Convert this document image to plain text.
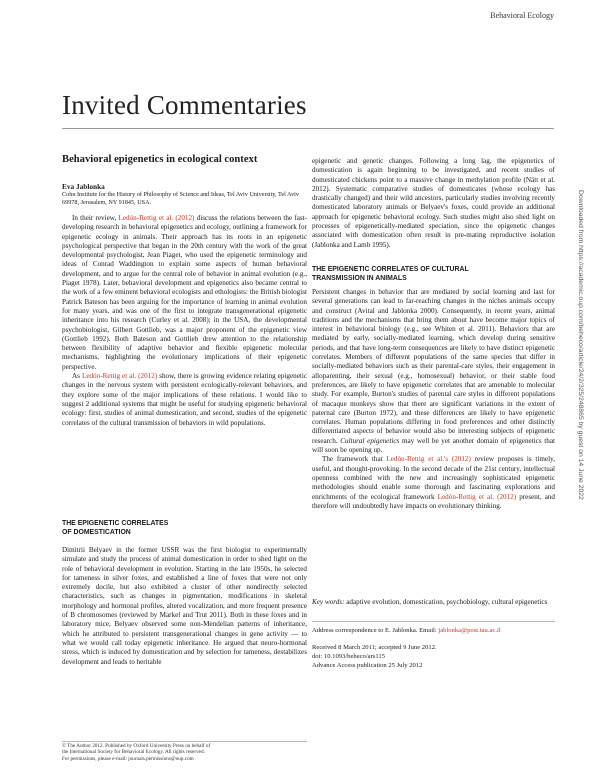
Behavioral Ecology
Invited Commentaries
Behavioral epigenetics in ecological context
Eva Jablonka
Cohn Institute for the History of Philosophy of Science and Ideas, Tel Aviv University, Tel Aviv 69978, Jerusalem, NY 91845, USA.

In their review, Ledón-Rettig et al. (2012) discuss the relations between the fast-developing research in behavioral epigenetics and ecology, outlining a framework for epigenetic ecology in animals. Their approach has its roots in an epigenetic psychological perspective that began in the 20th century with the work of the great developmental psychologist, Jean Piaget, who used the epigenetic terminology and ideas of Conrad Waddington to explain some aspects of human behavioral development, and to argue for the central role of behavior in animal evolution (e.g., Piaget 1978). Later, behavioral development and epigenetics also became central to the work of a few eminent behavioral ecologists and ethologists: the British biologist Patrick Bateson has been arguing for the importance of learning in animal evolution for many years, and was one of the first to integrate transgenerational epigenetic inheritance into his research (Curley et al. 2008); in the USA, the developmental psychobiologist, Gilbert Gottlieb, was a major proponent of the epigenetic view (Gottlieb 1992). Both Bateson and Gottlieb drew attention to the relationship between flexibility of adaptive behavior and flexible epigenetic molecular mechanisms, highlighting the evolutionary implications of their epigenetic perspective.

As Ledón-Rettig et al. (2012) show, there is growing evidence relating epigenetic changes in the nervous system with persistent ecologically-relevant behaviors, and they explore some of the major implications of these relations. I would like to suggest 2 additional systems that might be useful for studying epigenetic behavioral ecology: first, studies of animal domestication, and second, studies of the epigenetic correlates of the cultural transmission of behaviors in wild populations.

THE EPIGENETIC CORRELATES
OF DOMESTICATION

Dimitrii Belyaev in the former USSR was the first biologist to experimentally simulate and study the process of animal domestication in order to shed light on the role of behavioral development in evolution. Starting in the late 1950s, he selected for tameness in silver foxes, and established a line of foxes that were not only extremely docile, but also exhibited a cluster of other nondirectly selected characteristics, such as changes in pigmentation, modifications in skeletal morphology and hormonal profiles, altered vocalization, and more frequent presence of B chromosomes (reviewed by Markel and Trut 2011). Both in these foxes and in laboratory mice, Belyaev observed some non-Mendelian patterns of inheritance, which he attributed to persistent transgenerational changes in gene activity — to what we would call today epigenetic inheritance. He argued that neuro-hormonal stress, which is induced by domestication and by selection for tameness, destabilizes development and leads to heritable

epigenetic and genetic changes. Following a long lag, the epigenetics of domestication is again beginning to be investigated, and recent studies of domesticated chickens point to a massive change in methylation profile (Nätt et al. 2012). Systematic comparative studies of domesticates (whose ecology has drastically changed) and their wild ancestors, particularly studies involving recently domesticated laboratory animals or Belyaev's foxes, could provide an additional approach for epigenetic behavioral ecology. Such studies might also shed light on processes of epigenetically-mediated speciation, since the epigenetic changes associated with domestication often result in pre-mating reproductive isolation (Jablonka and Lamb 1995).

THE EPIGENETIC CORRELATES OF CULTURAL
TRANSMISSION IN ANIMALS

Persistent changes in behavior that are mediated by social learning and last for several generations can lead to far-reaching changes in the niches animals occupy and construct (Avital and Jablonka 2000). Consequently, in recent years, animal traditions and the mechanisms that bring them about have become major topics of interest in behavioral biology (e.g., see Whiten et al. 2011). Behaviors that are mediated by early, socially-mediated learning, which develop during sensitive periods, and that have long-term consequences are likely to have distinct epigenetic correlates. Members of different populations of the same species that differ in socially-mediated behaviors such as their parental-care styles, their engagement in alloparenting, their sexual (e.g., homosexual) behavior, or their stable food preferences, are likely to have epigenetic correlates that are amenable to molecular study. For example, Burton's studies of parental care styles in different populations of macaque monkeys show that there are significant variations in the extent of paternal care (Burton 1972), and these differences are likely to have epigenetic correlates. Human populations differing in food preferences and other distinctly differentiated aspects of behavior would also be interesting subjects of epigenetic research. Cultural epigenetics may well be yet another domain of epigenetics that will soon be opening up.

The framework that Ledón-Rettig et al.'s (2012) review proposes is timely, useful, and thought-provoking. In the second decade of the 21st century, intellectual openness combined with the new and increasingly sophisticated epigenetic methodologies should enable some thorough and fascinating explorations and enrichments of the ecological framework Ledón-Rettig et al. (2012) present, and therefore will undoubtedly have impacts on evolutionary thinking.

Key words: adaptive evolution, domestication, psychobiology, cultural epigenetics
Address correspondence to E. Jablonka. Email: jablonka@post.tau.ac.il
Received 8 March 2011; accepted 9 June 2012.
doi: 10.1093/beheco/ars115
Advance Access publication 25 July 2012
© The Author 2012. Published by Oxford University Press on behalf of
the International Society for Behavioral Ecology. All rights reserved.
For permissions, please e-mail: journals.permissions@oup.com
Downloaded from https://academic.oup.com/beheco/article/24/2/325/248865 by guest on 14 June 2022
